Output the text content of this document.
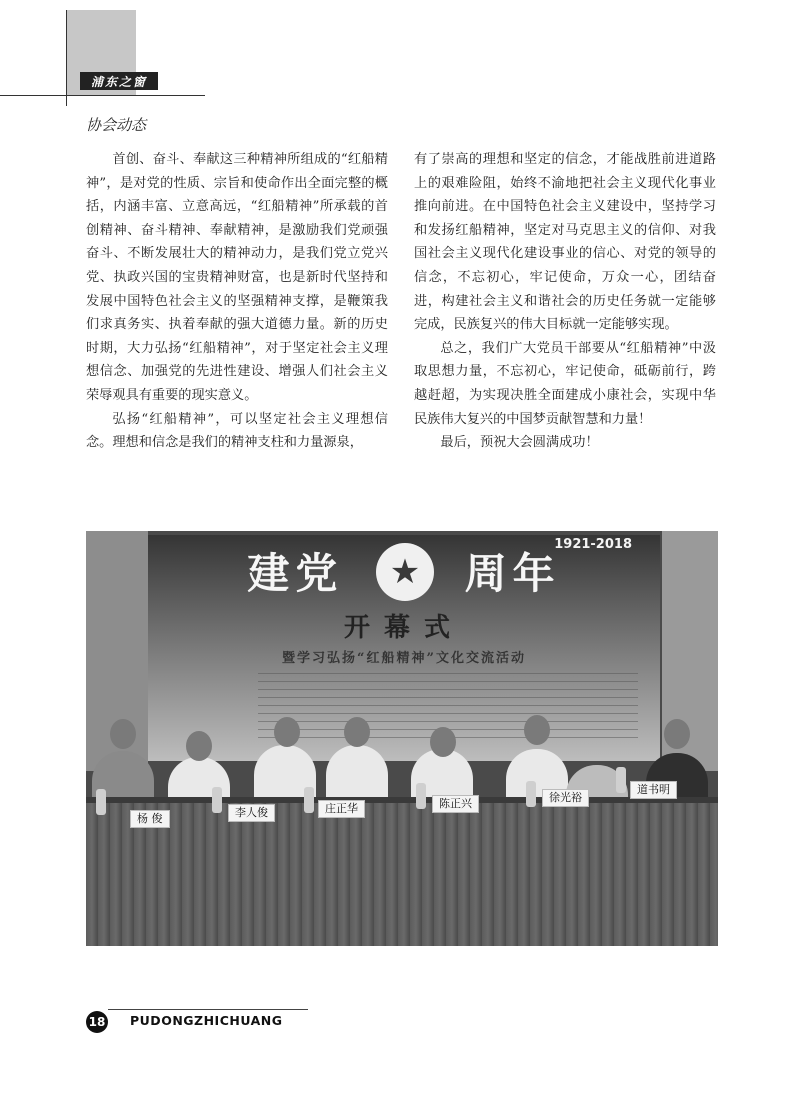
浦东之窗
协会动态

首创、奋斗、奉献这三种精神所组成的“红船精神”，是对党的性质、宗旨和使命作出全面完整的概括，内涵丰富、立意高远，“红船精神”所承载的首创精神、奋斗精神、奉献精神，是激励我们党顽强奋斗、不断发展壮大的精神动力，是我们党立党兴党、执政兴国的宝贵精神财富，也是新时代坚持和发展中国特色社会主义的坚强精神支撑，是鞭策我们求真务实、执着奉献的强大道德力量。新的历史时期，大力弘扬“红船精神”，对于坚定社会主义理想信念、加强党的先进性建设、增强人们社会主义荣辱观具有重要的现实意义。

弘扬“红船精神”，可以坚定社会主义理想信念。理想和信念是我们的精神支柱和力量源泉，

有了崇高的理想和坚定的信念，才能战胜前进道路上的艰难险阻，始终不渝地把社会主义现代化事业推向前进。在中国特色社会主义建设中，坚持学习和发扬红船精神，坚定对马克思主义的信仰、对我国社会主义现代化建设事业的信心、对党的领导的信念，不忘初心，牢记使命，万众一心，团结奋进，构建社会主义和谐社会的历史任务就一定能够完成，民族复兴的伟大目标就一定能够实现。

总之，我们广大党员干部要从“红船精神”中汲取思想力量，不忘初心，牢记使命，砥砺前行，跨越赶超，为实现决胜全面建成小康社会，实现中华民族伟大复兴的中国梦贡献智慧和力量！

最后，预祝大会圆满成功！

1921-2018
建党	周年
★
开幕式
暨学习弘扬“红船精神”文化交流活动
杨 俊	李人俊	庄正华	陈正兴	徐光裕
道书明
18 PUDONGZHICHUANG
